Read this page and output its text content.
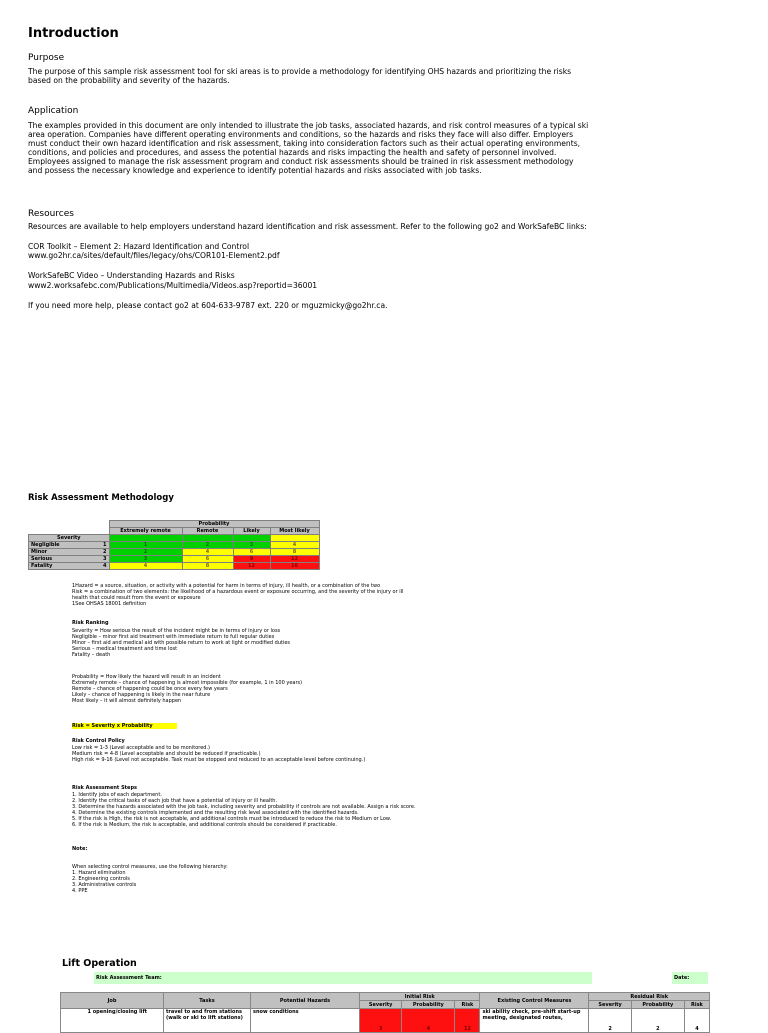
Introduction
Purpose
The purpose of this sample risk assessment tool for ski areas is to provide a methodology for identifying OHS hazards and prioritizing the risks
based on the probability and severity of the hazards.
Application
The examples provided in this document are only intended to illustrate the job tasks, associated hazards, and risk control measures of a typical ski
area operation. Companies have different operating environments and conditions, so the hazards and risks they face will also differ. Employers
must conduct their own hazard identification and risk assessment, taking into consideration factors such as their actual operating environments,
conditions, and policies and procedures, and assess the potential hazards and risks impacting the health and safety of personnel involved.
Employees assigned to manage the risk assessment program and conduct risk assessments should be trained in risk assessment methodology
and possess the necessary knowledge and experience to identify potential hazards and risks associated with job tasks.
Resources
Resources are available to help employers understand hazard identification and risk assessment. Refer to the following go2 and WorkSafeBC links:
COR Toolkit – Element 2: Hazard Identification and Control
www.go2hr.ca/sites/default/files/legacy/ohs/COR101-Element2.pdf
WorkSafeBC Video – Understanding Hazards and Risks
www2.worksafebc.com/Publications/Multimedia/Videos.asp?reportid=36001
If you need more help, please contact go2 at 604-633-9787 ext. 220 or mguzmicky@go2hr.ca.
Risk Assessment Methodology
	Probability			
	Extremely remote	Remote	Likely	Most likely
Severity				
Negligible 1	1	2	3	4
Minor 2	2	4	6	8
Serious 3	3	6	9	12
Fatality 4	4	8	12	16
1Hazard = a source, situation, or activity with a potential for harm in terms of injury, ill health, or a combination of the two
Risk = a combination of two elements: the likelihood of a hazardous event or exposure occurring, and the severity of the injury or ill
health that could result from the event or exposure
1See OHSAS 18001 definition
Risk Ranking
Severity = How serious the result of the incident might be in terms of injury or loss
Negligible – minor first aid treatment with immediate return to full regular duties
Minor – first aid and medical aid with possible return to work at light or modified duties
Serious – medical treatment and time lost
Fatality – death
Probability = How likely the hazard will result in an incident
Extremely remote – chance of happening is almost impossible (for example, 1 in 100 years)
Remote – chance of happening could be once every few years
Likely – chance of happening is likely in the near future
Most likely – it will almost definitely happen
Risk = Severity x Probability
Risk Control Policy
Low risk = 1-3 (Level acceptable and to be monitored.)
Medium risk = 4-8 (Level acceptable and should be reduced if practicable.)
High risk = 9-16 (Level not acceptable. Task must be stopped and reduced to an acceptable level before continuing.)
Risk Assessment Steps
1. Identify jobs of each department.
2. Identify the critical tasks of each job that have a potential of injury or ill health.
3. Determine the hazards associated with the job task, including severity and probability if controls are not available. Assign a risk score.
4. Determine the existing controls implemented and the resulting risk level associated with the identified hazards.
5. If the risk is High, the risk is not acceptable, and additional controls must be introduced to reduce the risk to Medium or Low.
6. If the risk is Medium, the risk is acceptable, and additional controls should be considered if practicable.
Note:
When selecting control measures, use the following hierarchy:
1. Hazard elimination
2. Engineering controls
3. Administrative controls
4. PPE
Lift Operation
Risk Assessment Team:	Date:
Job	Tasks	Potential Hazards	Initial Risk			Existing Control Measures	Residual Risk		
			Severity	Probability	Risk		Severity	Probability	Risk
1 opening/closing lift	travel to and from stations
(walk or ski to lift stations)	snow conditions	3	4	12	ski ability check, pre-shift start-up
meeting, designated routes,	2	2	4
